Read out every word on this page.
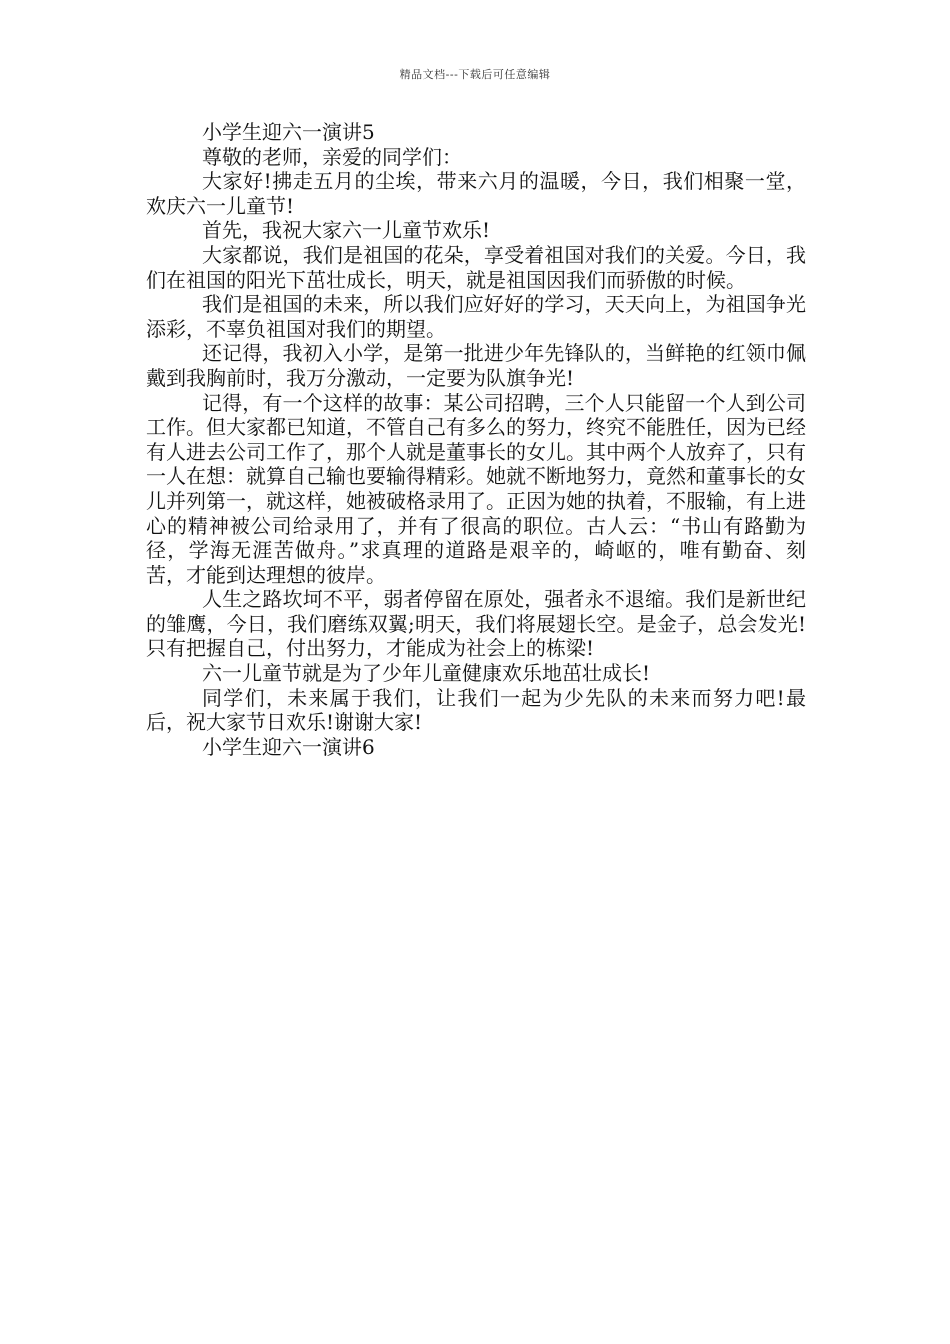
精品文档---下载后可任意编辑

小学生迎六一演讲5

尊敬的老师，亲爱的同学们：

大家好!拂走五月的尘埃，带来六月的温暖，今日，我们相聚一堂，欢庆六一儿童节!

首先，我祝大家六一儿童节欢乐!

大家都说，我们是祖国的花朵，享受着祖国对我们的关爱。今日，我们在祖国的阳光下茁壮成长，明天，就是祖国因我们而骄傲的时候。

我们是祖国的未来，所以我们应好好的学习，天天向上，为祖国争光添彩，不辜负祖国对我们的期望。

还记得，我初入小学，是第一批进少年先锋队的，当鲜艳的红领巾佩戴到我胸前时，我万分激动，一定要为队旗争光!

记得，有一个这样的故事：某公司招聘，三个人只能留一个人到公司工作。但大家都已知道，不管自己有多么的努力，终究不能胜任，因为已经有人进去公司工作了，那个人就是董事长的女儿。其中两个人放弃了，只有一人在想：就算自己输也要输得精彩。她就不断地努力，竟然和董事长的女儿并列第一，就这样，她被破格录用了。正因为她的执着，不服输，有上进心的精神被公司给录用了，并有了很高的职位。古人云：“书山有路勤为径，学海无涯苦做舟。”求真理的道路是艰辛的，崎岖的，唯有勤奋、刻苦，才能到达理想的彼岸。

人生之路坎坷不平，弱者停留在原处，强者永不退缩。我们是新世纪的雏鹰，今日，我们磨练双翼;明天，我们将展翅长空。是金子，总会发光!只有把握自己，付出努力，才能成为社会上的栋梁!

六一儿童节就是为了少年儿童健康欢乐地茁壮成长!

同学们，未来属于我们，让我们一起为少先队的未来而努力吧!最后，祝大家节日欢乐!谢谢大家!

小学生迎六一演讲6
